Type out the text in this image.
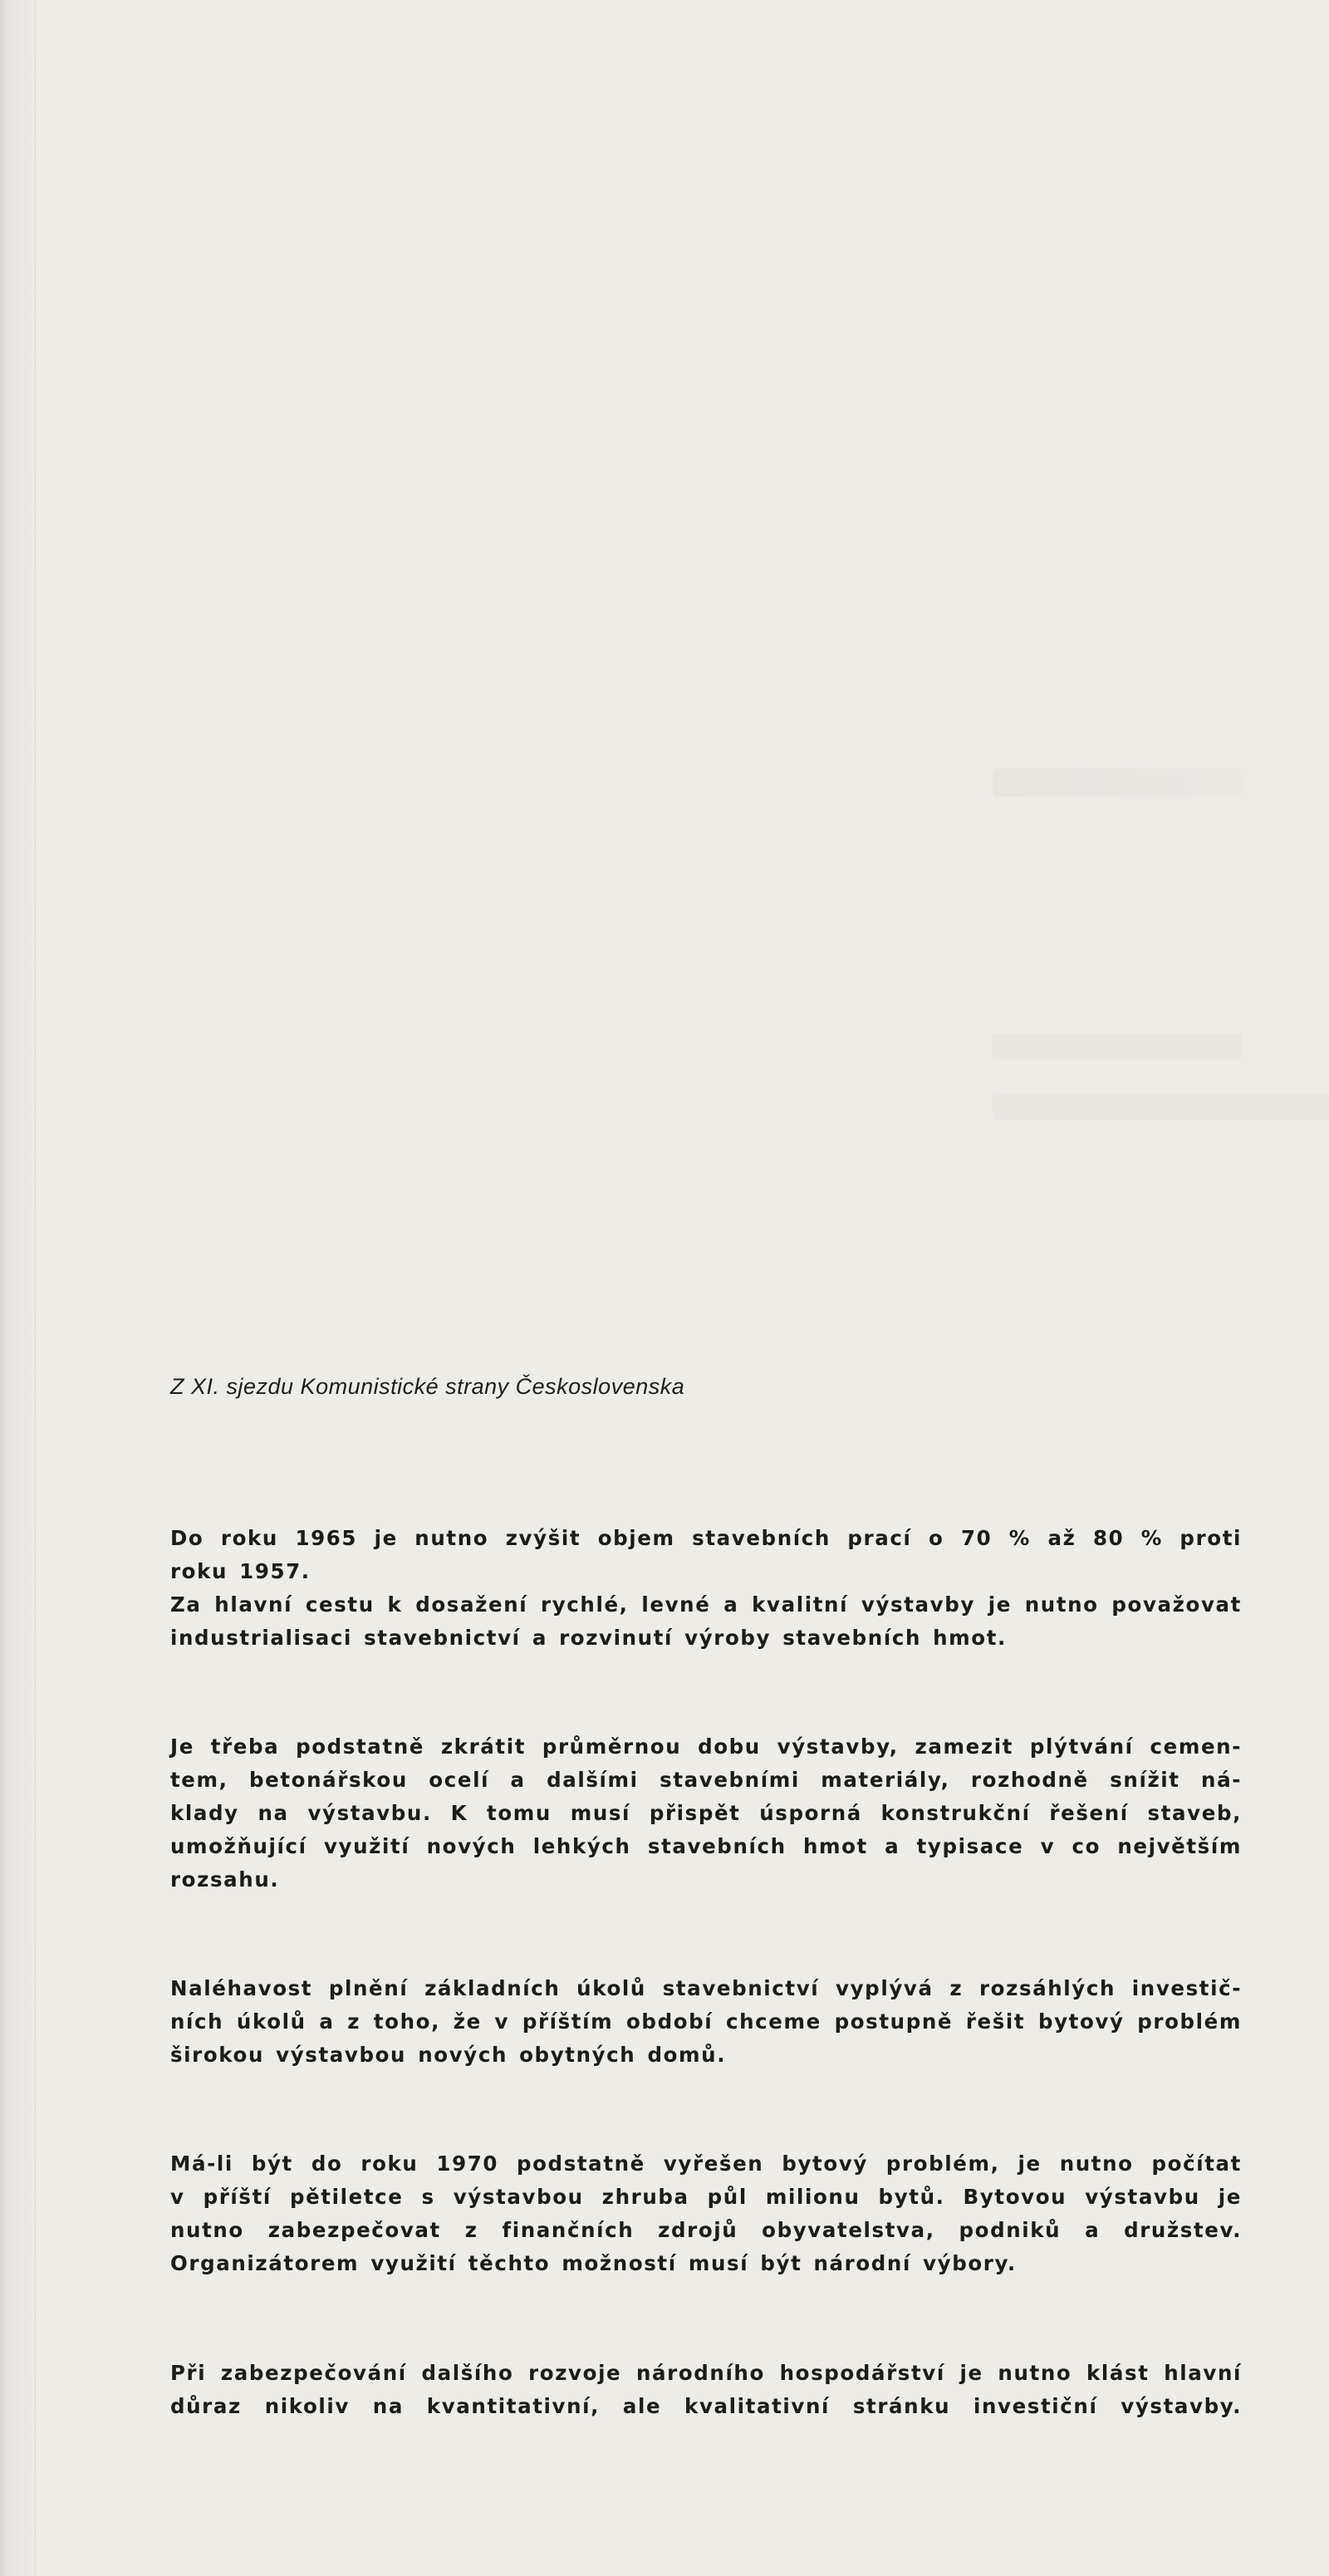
Z XI. sjezdu Komunistické strany Československa

Do roku 1965 je nutno zvýšit objem stavebních prací o 70 % až 80 % proti
roku 1957.
Za hlavní cestu k dosažení rychlé, levné a kvalitní výstavby je nutno považovat
industrialisaci stavebnictví a rozvinutí výroby stavebních hmot.
Je třeba podstatně zkrátit průměrnou dobu výstavby, zamezit plýtvání cemen-
tem, betonářskou ocelí a dalšími stavebními materiály, rozhodně snížit ná-
klady na výstavbu. K tomu musí přispět úsporná konstrukční řešení staveb,
umožňující využití nových lehkých stavebních hmot a typisace v co největším
rozsahu.
Naléhavost plnění základních úkolů stavebnictví vyplývá z rozsáhlých investič-
ních úkolů a z toho, že v příštím období chceme postupně řešit bytový problém
širokou výstavbou nových obytných domů.
Má-li být do roku 1970 podstatně vyřešen bytový problém, je nutno počítat
v příští pětiletce s výstavbou zhruba půl milionu bytů. Bytovou výstavbu je
nutno zabezpečovat z finančních zdrojů obyvatelstva, podniků a družstev.
Organizátorem využití těchto možností musí být národní výbory.
Při zabezpečování dalšího rozvoje národního hospodářství je nutno klást hlavní
důraz nikoliv na kvantitativní, ale kvalitativní stránku investiční výstavby.
